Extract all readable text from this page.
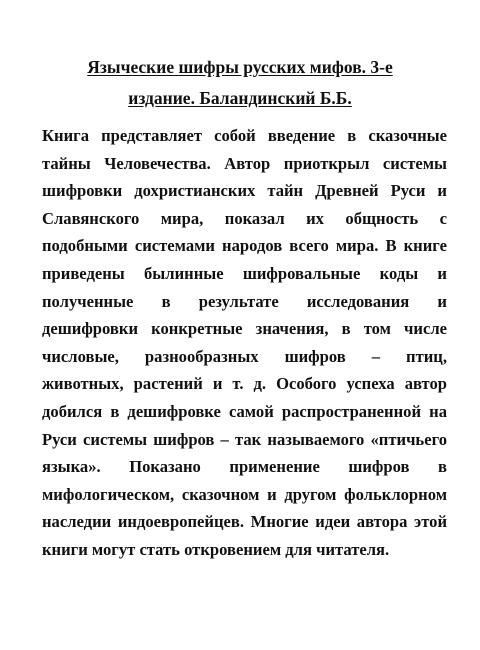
Языческие шифры русских мифов. 3-е
издание. Баландинский Б.Б.
Книга представляет собой введение в сказочные
тайны Человечества. Автор приоткрыл системы
шифровки дохристианских тайн Древней Руси и
Славянского мира, показал их общность с
подобными системами народов всего мира. В книге
приведены былинные шифровальные коды и
полученные в результате исследования и
дешифровки конкретные значения, в том числе
числовые, разнообразных шифров – птиц,
животных, растений и т. д. Особого успеха автор
добился в дешифровке самой распространенной на
Руси системы шифров – так называемого «птичьего
языка». Показано применение шифров в
мифологическом, сказочном и другом фольклорном
наследии индоевропейцев. Многие идеи автора этой
книги могут стать откровением для читателя.
